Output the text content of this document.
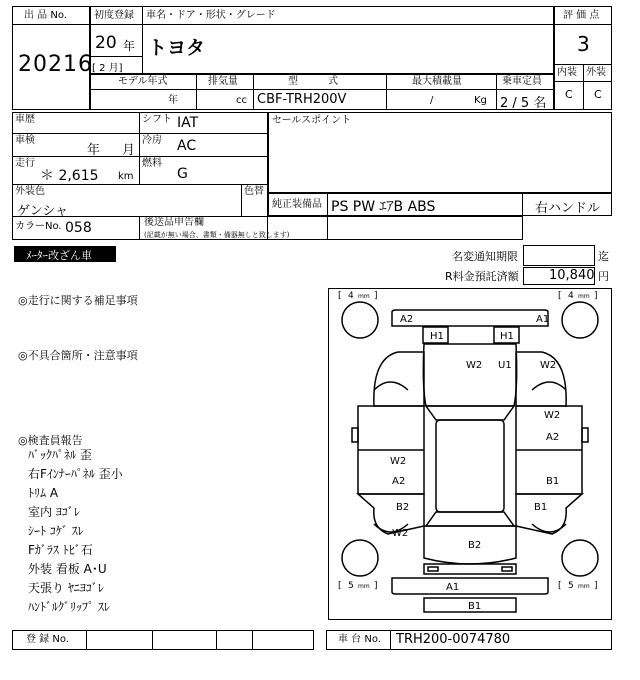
出 品 No.
20216
初度登録
20 年
[ 2 月]
車名・ドア・形状・グレード
トヨタ
評 価 点
3
内装 外装
C C
モデル年式
年
排気量
cc
型　　　式
CBF-TRH200V
最大積載量
/	Kg
乗車定員
2 / 5 名
車歴	シフト IAT
車検
年 月
冷房 AC
走行
＊ 2,615 km
燃料
G
外装色
ゲンシャ
色替
カラーNo. 058
セールスポイント
純正装備品 PS PW ｴｱB ABS	右ハンドル
後送品申告欄
(記載が無い場合、書類・備器無しと致します)
ﾒｰﾀｰ改ざん車	名変通知期限	迄
R料金預託済額 10,840 円
◎走行に関する補足事項
◎不具合箇所・注意事項
◎検査員報告
ﾊﾞｯｸﾊﾟﾈﾙ 歪
右Fｲﾝﾅｰﾊﾟﾈﾙ 歪小
ﾄﾘﾑ A
室内 ﾖｺﾞﾚ
ｼｰﾄ ｺｹﾞ ｽﾚ
Fｶﾞﾗｽ ﾄﾋﾞ石
外装 看板 A･U
天張り ﾔﾆﾖｺﾞﾚ
ﾊﾝﾄﾞﾙｸﾞﾘｯﾌﾟ ｽﾚ
[ 4 mm ]	[ 4 mm ]
[ 5 mm ]	[ 5 mm ]
A2	A1
H1	H1
W2 U1	W2
W2
A2
W2
A2	B1
B2	B1
W2
B2
A1
B1
登 録 No.	車 台 No. TRH200-0074780
